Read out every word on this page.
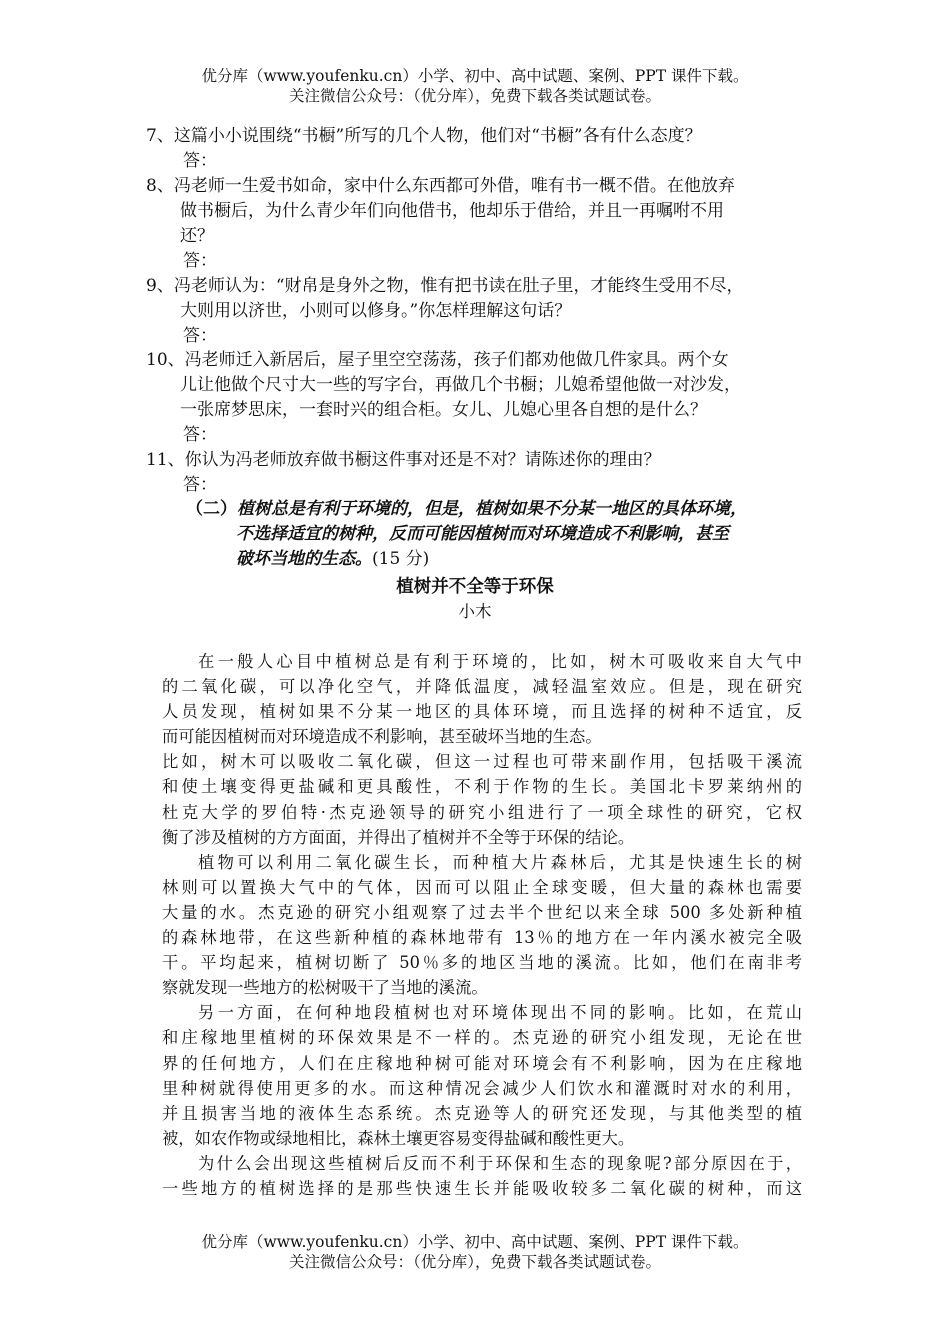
优分库（www.youfenku.cn）小学、初中、高中试题、案例、PPT 课件下载。
关注微信公众号：（优分库），免费下载各类试题试卷。
7、这篇小小说围绕“书橱”所写的几个人物，他们对“书橱”各有什么态度？
答：
8、冯老师一生爱书如命，家中什么东西都可外借，唯有书一概不借。在他放弃
做书橱后，为什么青少年们向他借书，他却乐于借给，并且一再嘱咐不用
还？
答：
9、冯老师认为：“财帛是身外之物，惟有把书读在肚子里，才能终生受用不尽，
大则用以济世，小则可以修身。”你怎样理解这句话？
答：
10、冯老师迁入新居后，屋子里空空荡荡，孩子们都劝他做几件家具。两个女
儿让他做个尺寸大一些的写字台，再做几个书橱；儿媳希望他做一对沙发，
一张席梦思床，一套时兴的组合柜。女儿、儿媳心里各自想的是什么？
答：
11、你认为冯老师放弃做书橱这件事对还是不对？请陈述你的理由？
答：
（二）植树总是有利于环境的，但是，植树如果不分某一地区的具体环境，
不选择适宜的树种，反而可能因植树而对环境造成不利影响，甚至
破坏当地的生态。(15 分)
植树并不全等于环保
小木
在一般人心目中植树总是有利于环境的，比如，树木可吸收来自大气中
的二氧化碳，可以净化空气，并降低温度，减轻温室效应。但是，现在研究
人员发现，植树如果不分某一地区的具体环境，而且选择的树种不适宜，反
而可能因植树而对环境造成不利影响，甚至破坏当地的生态。
比如，树木可以吸收二氧化碳，但这一过程也可带来副作用，包括吸干溪流
和使土壤变得更盐碱和更具酸性，不利于作物的生长。美国北卡罗莱纳州的
杜克大学的罗伯特·杰克逊领导的研究小组进行了一项全球性的研究，它权
衡了涉及植树的方方面面，并得出了植树并不全等于环保的结论。
植物可以利用二氧化碳生长，而种植大片森林后，尤其是快速生长的树
林则可以置换大气中的气体，因而可以阻止全球变暖，但大量的森林也需要
大量的水。杰克逊的研究小组观察了过去半个世纪以来全球 500 多处新种植
的森林地带，在这些新种植的森林地带有 13％的地方在一年内溪水被完全吸
干。平均起来，植树切断了 50％多的地区当地的溪流。比如，他们在南非考
察就发现一些地方的松树吸干了当地的溪流。
另一方面，在何种地段植树也对环境体现出不同的影响。比如，在荒山
和庄稼地里植树的环保效果是不一样的。杰克逊的研究小组发现，无论在世
界的任何地方，人们在庄稼地种树可能对环境会有不利影响，因为在庄稼地
里种树就得使用更多的水。而这种情况会减少人们饮水和灌溉时对水的利用，
并且损害当地的液体生态系统。杰克逊等人的研究还发现，与其他类型的植
被，如农作物或绿地相比，森林土壤更容易变得盐碱和酸性更大。
为什么会出现这些植树后反而不利于环保和生态的现象呢?部分原因在于，
一些地方的植树选择的是那些快速生长并能吸收较多二氧化碳的树种，而这
优分库（www.youfenku.cn）小学、初中、高中试题、案例、PPT 课件下载。
关注微信公众号：（优分库），免费下载各类试题试卷。
